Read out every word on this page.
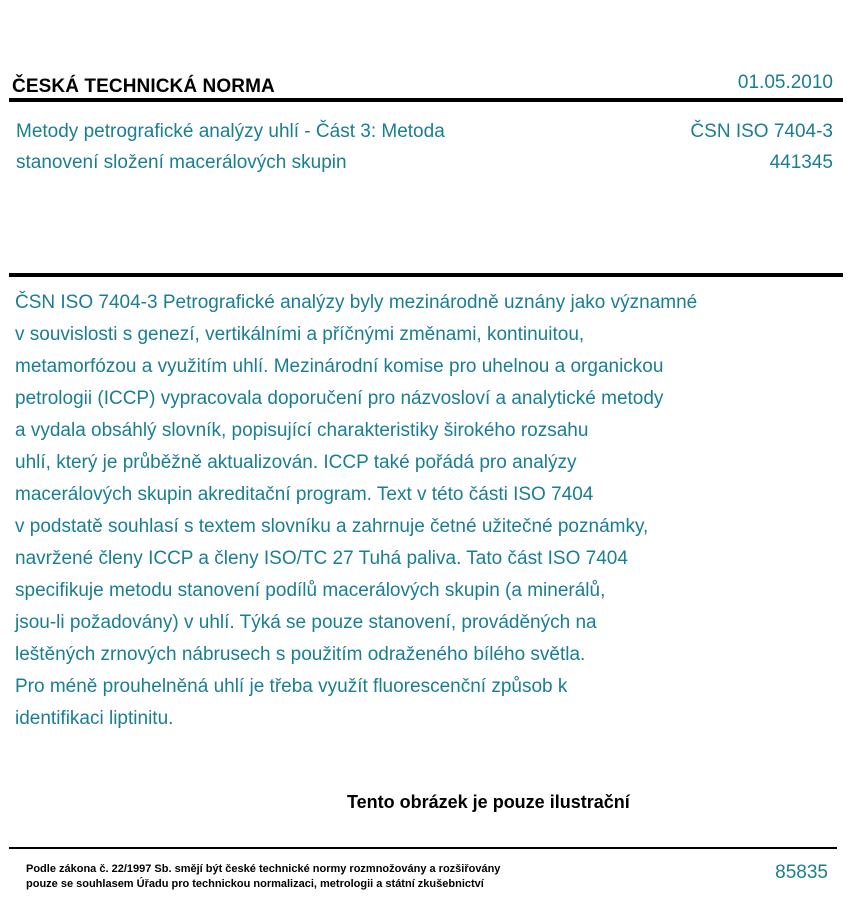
ČESKÁ TECHNICKÁ NORMA	01.05.2010
Metody petrografické analýzy uhlí - Část 3: Metoda
stanovení složení macerálových skupin
ČSN ISO 7404-3
441345
ČSN ISO 7404-3 Petrografické analýzy byly mezinárodně uznány jako významné
v souvislosti s genezí, vertikálními a příčnými změnami, kontinuitou,
metamorfózou a využitím uhlí. Mezinárodní komise pro uhelnou a organickou
petrologii (ICCP) vypracovala doporučení pro názvosloví a analytické metody
a vydala obsáhlý slovník, popisující charakteristiky širokého rozsahu
uhlí, který je průběžně aktualizován. ICCP také pořádá pro analýzy
macerálových skupin akreditační program. Text v této části ISO 7404
v podstatě souhlasí s textem slovníku a zahrnuje četné užitečné poznámky,
navržené členy ICCP a členy ISO/TC 27 Tuhá paliva. Tato část ISO 7404
specifikuje metodu stanovení podílů macerálových skupin (a minerálů,
jsou-li požadovány) v uhlí. Týká se pouze stanovení, prováděných na
leštěných zrnových nábrusech s použitím odraženého bílého světla.
Pro méně prouhelněná uhlí je třeba využít fluorescenční způsob k
identifikaci liptinitu.
Tento obrázek je pouze ilustrační
Podle zákona č. 22/1997 Sb. smějí být české technické normy rozmnožovány a rozšiřovány
pouze se souhlasem Úřadu pro technickou normalizaci, metrologii a státní zkušebnictví
85835
